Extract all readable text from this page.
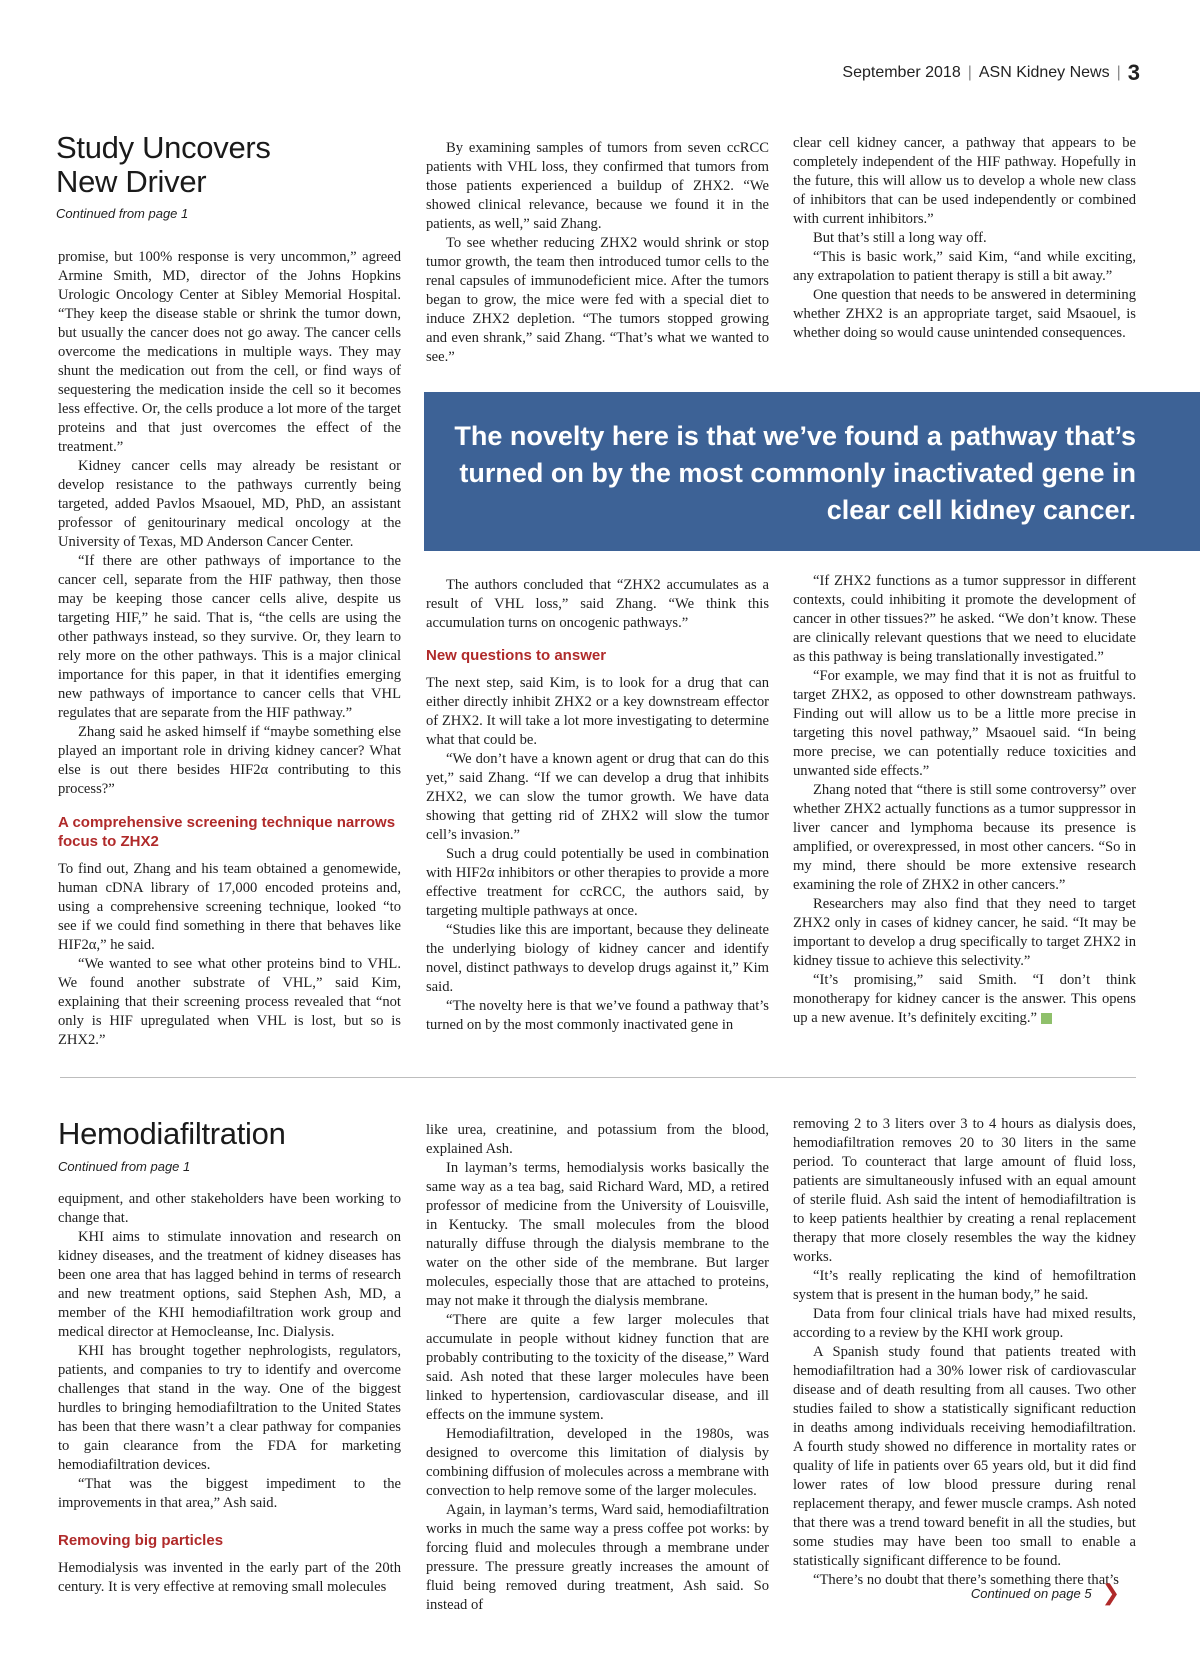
September 2018 | ASN Kidney News | 3
Study Uncovers
New Driver
Continued from page 1

promise, but 100% response is very uncommon,” agreed Armine Smith, MD, director of the Johns Hopkins Urologic Oncology Center at Sibley Memorial Hospital. “They keep the disease stable or shrink the tumor down, but usually the cancer does not go away. The cancer cells overcome the medications in multiple ways. They may shunt the medication out from the cell, or find ways of sequestering the medication inside the cell so it becomes less effective. Or, the cells produce a lot more of the target proteins and that just overcomes the effect of the treatment.”

Kidney cancer cells may already be resistant or develop resistance to the pathways currently being targeted, added Pavlos Msaouel, MD, PhD, an assistant professor of genitourinary medical oncology at the University of Texas, MD Anderson Cancer Center.

“If there are other pathways of importance to the cancer cell, separate from the HIF pathway, then those may be keeping those cancer cells alive, despite us targeting HIF,” he said. That is, “the cells are using the other pathways instead, so they survive. Or, they learn to rely more on the other pathways. This is a major clinical importance for this paper, in that it identifies emerging new pathways of importance to cancer cells that VHL regulates that are separate from the HIF pathway.”

Zhang said he asked himself if “maybe something else played an important role in driving kidney cancer? What else is out there besides HIF2α contributing to this process?”

A comprehensive screening technique narrows focus to ZHX2

To find out, Zhang and his team obtained a genomewide, human cDNA library of 17,000 encoded proteins and, using a comprehensive screening technique, looked “to see if we could find something in there that behaves like HIF2α,” he said.

“We wanted to see what other proteins bind to VHL. We found another substrate of VHL,” said Kim, explaining that their screening process revealed that “not only is HIF upregulated when VHL is lost, but so is ZHX2.”

By examining samples of tumors from seven ccRCC patients with VHL loss, they confirmed that tumors from those patients experienced a buildup of ZHX2. “We showed clinical relevance, because we found it in the patients, as well,” said Zhang.

To see whether reducing ZHX2 would shrink or stop tumor growth, the team then introduced tumor cells to the renal capsules of immunodeficient mice. After the tumors began to grow, the mice were fed with a special diet to induce ZHX2 depletion. “The tumors stopped growing and even shrank,” said Zhang. “That’s what we wanted to see.”

clear cell kidney cancer, a pathway that appears to be completely independent of the HIF pathway. Hopefully in the future, this will allow us to develop a whole new class of inhibitors that can be used independently or combined with current inhibitors.”

But that’s still a long way off.

“This is basic work,” said Kim, “and while exciting, any extrapolation to patient therapy is still a bit away.”

One question that needs to be answered in determining whether ZHX2 is an appropriate target, said Msaouel, is whether doing so would cause unintended consequences.

The novelty here is that we’ve found a pathway that’s turned on by the most commonly inactivated gene in clear cell kidney cancer.

The authors concluded that “ZHX2 accumulates as a result of VHL loss,” said Zhang. “We think this accumulation turns on oncogenic pathways.”

New questions to answer

The next step, said Kim, is to look for a drug that can either directly inhibit ZHX2 or a key downstream effector of ZHX2. It will take a lot more investigating to determine what that could be.

“We don’t have a known agent or drug that can do this yet,” said Zhang. “If we can develop a drug that inhibits ZHX2, we can slow the tumor growth. We have data showing that getting rid of ZHX2 will slow the tumor cell’s invasion.”

Such a drug could potentially be used in combination with HIF2α inhibitors or other therapies to provide a more effective treatment for ccRCC, the authors said, by targeting multiple pathways at once.

“Studies like this are important, because they delineate the underlying biology of kidney cancer and identify novel, distinct pathways to develop drugs against it,” Kim said.

“The novelty here is that we’ve found a pathway that’s turned on by the most commonly inactivated gene in

“If ZHX2 functions as a tumor suppressor in different contexts, could inhibiting it promote the development of cancer in other tissues?” he asked. “We don’t know. These are clinically relevant questions that we need to elucidate as this pathway is being translationally investigated.”

“For example, we may find that it is not as fruitful to target ZHX2, as opposed to other downstream pathways. Finding out will allow us to be a little more precise in targeting this novel pathway,” Msaouel said. “In being more precise, we can potentially reduce toxicities and unwanted side effects.”

Zhang noted that “there is still some controversy” over whether ZHX2 actually functions as a tumor suppressor in liver cancer and lymphoma because its presence is amplified, or overexpressed, in most other cancers. “So in my mind, there should be more extensive research examining the role of ZHX2 in other cancers.”

Researchers may also find that they need to target ZHX2 only in cases of kidney cancer, he said. “It may be important to develop a drug specifically to target ZHX2 in kidney tissue to achieve this selectivity.”

“It’s promising,” said Smith. “I don’t think monotherapy for kidney cancer is the answer. This opens up a new avenue. It’s definitely exciting.”

Hemodiafiltration
Continued from page 1

equipment, and other stakeholders have been working to change that.

KHI aims to stimulate innovation and research on kidney diseases, and the treatment of kidney diseases has been one area that has lagged behind in terms of research and new treatment options, said Stephen Ash, MD, a member of the KHI hemodiafiltration work group and medical director at Hemocleanse, Inc. Dialysis.

KHI has brought together nephrologists, regulators, patients, and companies to try to identify and overcome challenges that stand in the way. One of the biggest hurdles to bringing hemodiafiltration to the United States has been that there wasn’t a clear pathway for companies to gain clearance from the FDA for marketing hemodiafiltration devices.

“That was the biggest impediment to the improvements in that area,” Ash said.

Removing big particles

Hemodialysis was invented in the early part of the 20th century. It is very effective at removing small molecules

like urea, creatinine, and potassium from the blood, explained Ash.

In layman’s terms, hemodialysis works basically the same way as a tea bag, said Richard Ward, MD, a retired professor of medicine from the University of Louisville, in Kentucky. The small molecules from the blood naturally diffuse through the dialysis membrane to the water on the other side of the membrane. But larger molecules, especially those that are attached to proteins, may not make it through the dialysis membrane.

“There are quite a few larger molecules that accumulate in people without kidney function that are probably contributing to the toxicity of the disease,” Ward said. Ash noted that these larger molecules have been linked to hypertension, cardiovascular disease, and ill effects on the immune system.

Hemodiafiltration, developed in the 1980s, was designed to overcome this limitation of dialysis by combining diffusion of molecules across a membrane with convection to help remove some of the larger molecules.

Again, in layman’s terms, Ward said, hemodiafiltration works in much the same way a press coffee pot works: by forcing fluid and molecules through a membrane under pressure. The pressure greatly increases the amount of fluid being removed during treatment, Ash said. So instead of

removing 2 to 3 liters over 3 to 4 hours as dialysis does, hemodiafiltration removes 20 to 30 liters in the same period. To counteract that large amount of fluid loss, patients are simultaneously infused with an equal amount of sterile fluid. Ash said the intent of hemodiafiltration is to keep patients healthier by creating a renal replacement therapy that more closely resembles the way the kidney works.

“It’s really replicating the kind of hemofiltration system that is present in the human body,” he said.

Data from four clinical trials have had mixed results, according to a review by the KHI work group.

A Spanish study found that patients treated with hemodiafiltration had a 30% lower risk of cardiovascular disease and of death resulting from all causes. Two other studies failed to show a statistically significant reduction in deaths among individuals receiving hemodiafiltration. A fourth study showed no difference in mortality rates or quality of life in patients over 65 years old, but it did find lower rates of low blood pressure during renal replacement therapy, and fewer muscle cramps. Ash noted that there was a trend toward benefit in all the studies, but some studies may have been too small to enable a statistically significant difference to be found.

“There’s no doubt that there’s something there that’s

Continued on page 5 ❯
